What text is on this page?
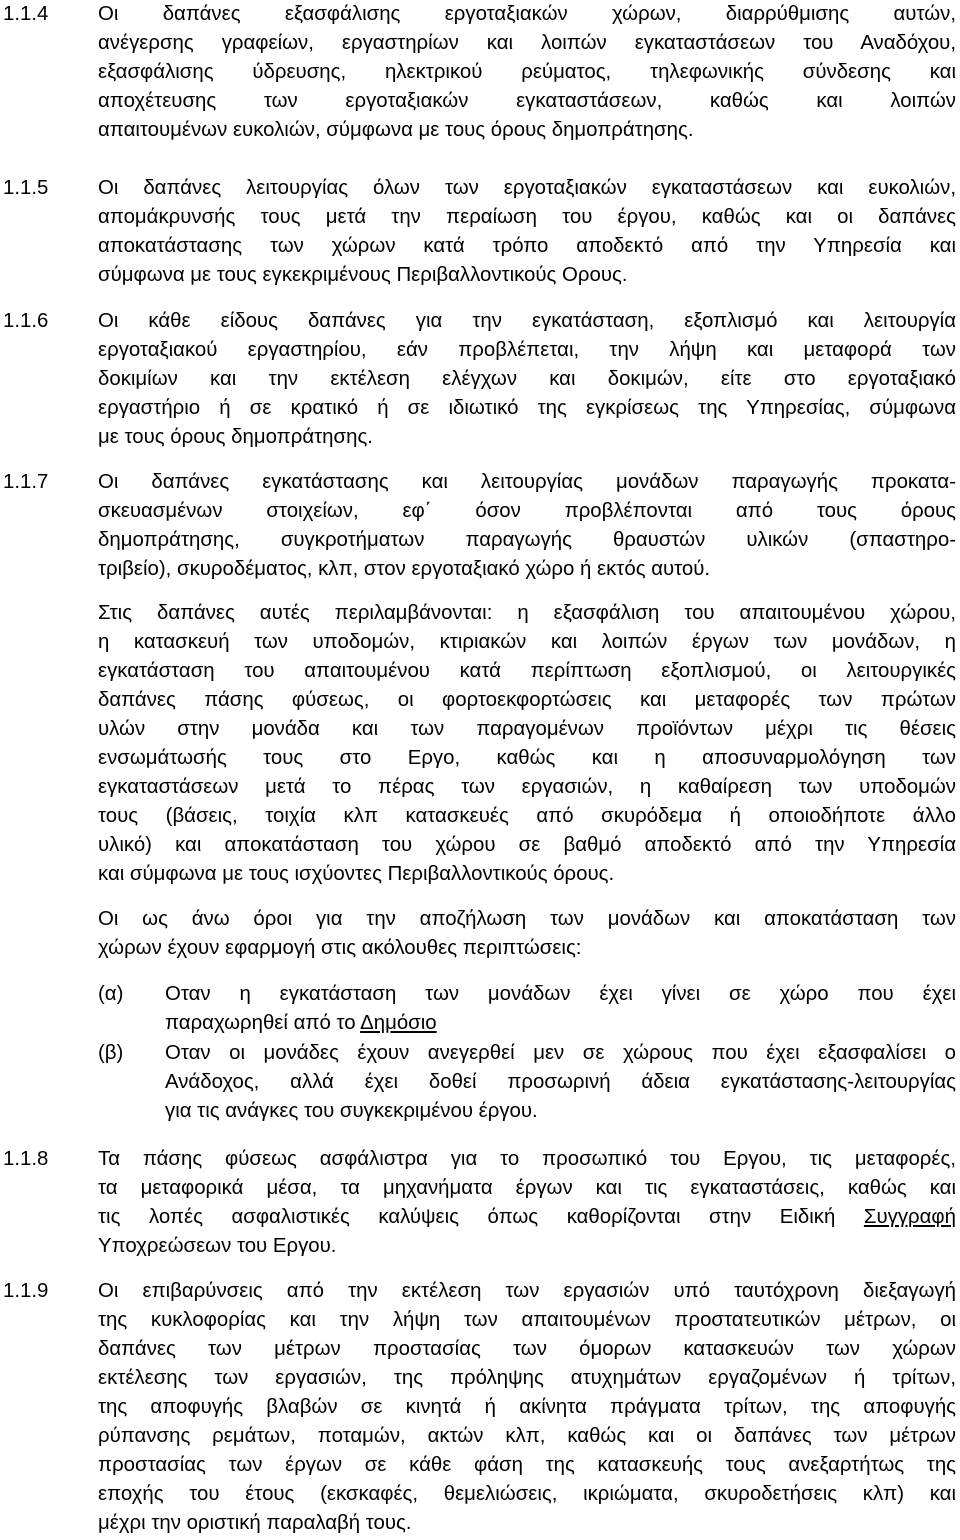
1.1.4	Οι δαπάνες εξασφάλισης εργοταξιακών χώρων, διαρρύθμισης αυτών,
ανέγερσης γραφείων, εργαστηρίων και λοιπών εγκαταστάσεων του Αναδόχου,
εξασφάλισης ύδρευσης, ηλεκτρικού ρεύματος, τηλεφωνικής σύνδεσης και
αποχέτευσης των εργοταξιακών εγκαταστάσεων, καθώς και λοιπών
απαιτουμένων ευκολιών, σύμφωνα με τους όρους δημοπράτησης.
1.1.5	Οι δαπάνες λειτουργίας όλων των εργοταξιακών εγκαταστάσεων και ευκολιών,
απομάκρυνσής τους μετά την περαίωση του έργου, καθώς και οι δαπάνες
αποκατάστασης των χώρων κατά τρόπο αποδεκτό από την Υπηρεσία και
σύμφωνα με τους εγκεκριμένους Περιβαλλοντικούς Ορους.
1.1.6	Οι κάθε είδους δαπάνες για την εγκατάσταση, εξοπλισμό και λειτουργία
εργοταξιακού εργαστηρίου, εάν προβλέπεται, την λήψη και μεταφορά των
δοκιμίων και την εκτέλεση ελέγχων και δοκιμών, είτε στο εργοταξιακό
εργαστήριο ή σε κρατικό ή σε ιδιωτικό της εγκρίσεως της Υπηρεσίας, σύμφωνα
με τους όρους δημοπράτησης.
1.1.7	Οι δαπάνες εγκατάστασης και λειτουργίας μονάδων παραγωγής προκατα-
σκευασμένων στοιχείων, εφ΄ όσον προβλέπονται από τους όρους
δημοπράτησης, συγκροτήματων παραγωγής θραυστών υλικών (σπαστηρο-
τριβείο), σκυροδέματος, κλπ, στον εργοταξιακό χώρο ή εκτός αυτού.
Στις δαπάνες αυτές περιλαμβάνονται: η εξασφάλιση του απαιτουμένου χώρου,
η κατασκευή των υποδομών, κτιριακών και λοιπών έργων των μονάδων, η
εγκατάσταση του απαιτουμένου κατά περίπτωση εξοπλισμού, οι λειτουργικές
δαπάνες πάσης φύσεως, οι φορτοεκφορτώσεις και μεταφορές των πρώτων
υλών στην μονάδα και των παραγομένων προϊόντων μέχρι τις θέσεις
ενσωμάτωσής τους στο Εργο, καθώς και η αποσυναρμολόγηση των
εγκαταστάσεων μετά το πέρας των εργασιών, η καθαίρεση των υποδομών
τους (βάσεις, τοιχία κλπ κατασκευές από σκυρόδεμα ή οποιοδήποτε άλλο
υλικό) και αποκατάσταση του χώρου σε βαθμό αποδεκτό από την Υπηρεσία
και σύμφωνα με τους ισχύοντες Περιβαλλοντικούς όρους.
Οι ως άνω όροι για την αποζήλωση των μονάδων και αποκατάσταση των
χώρων έχουν εφαρμογή στις ακόλουθες περιπτώσεις:
(α)	Οταν η εγκατάσταση των μονάδων έχει γίνει σε χώρο που έχει
παραχωρηθεί από το Δημόσιο
(β)	Οταν οι μονάδες έχουν ανεγερθεί μεν σε χώρους που έχει εξασφαλίσει ο
Ανάδοχος, αλλά έχει δοθεί προσωρινή άδεια εγκατάστασης-λειτουργίας
για τις ανάγκες του συγκεκριμένου έργου.
1.1.8	Τα πάσης φύσεως ασφάλιστρα για το προσωπικό του Εργου, τις μεταφορές,
τα μεταφορικά μέσα, τα μηχανήματα έργων και τις εγκαταστάσεις, καθώς και
τις λοπές ασφαλιστικές καλύψεις όπως καθορίζονται στην Ειδική Συγγραφή
Υποχρεώσεων του Εργου.
1.1.9	Οι επιβαρύνσεις από την εκτέλεση των εργασιών υπό ταυτόχρονη διεξαγωγή
της κυκλοφορίας και την λήψη των απαιτουμένων προστατευτικών μέτρων, οι
δαπάνες των μέτρων προστασίας των όμορων κατασκευών των χώρων
εκτέλεσης των εργασιών, της πρόληψης ατυχημάτων εργαζομένων ή τρίτων,
της αποφυγής βλαβών σε κινητά ή ακίνητα πράγματα τρίτων, της αποφυγής
ρύπανσης ρεμάτων, ποταμών, ακτών κλπ, καθώς και οι δαπάνες των μέτρων
προστασίας των έργων σε κάθε φάση της κατασκευής τους ανεξαρτήτως της
εποχής του έτους (εκσκαφές, θεμελιώσεις, ικριώματα, σκυροδετήσεις κλπ) και
μέχρι την οριστική παραλαβή τους.
